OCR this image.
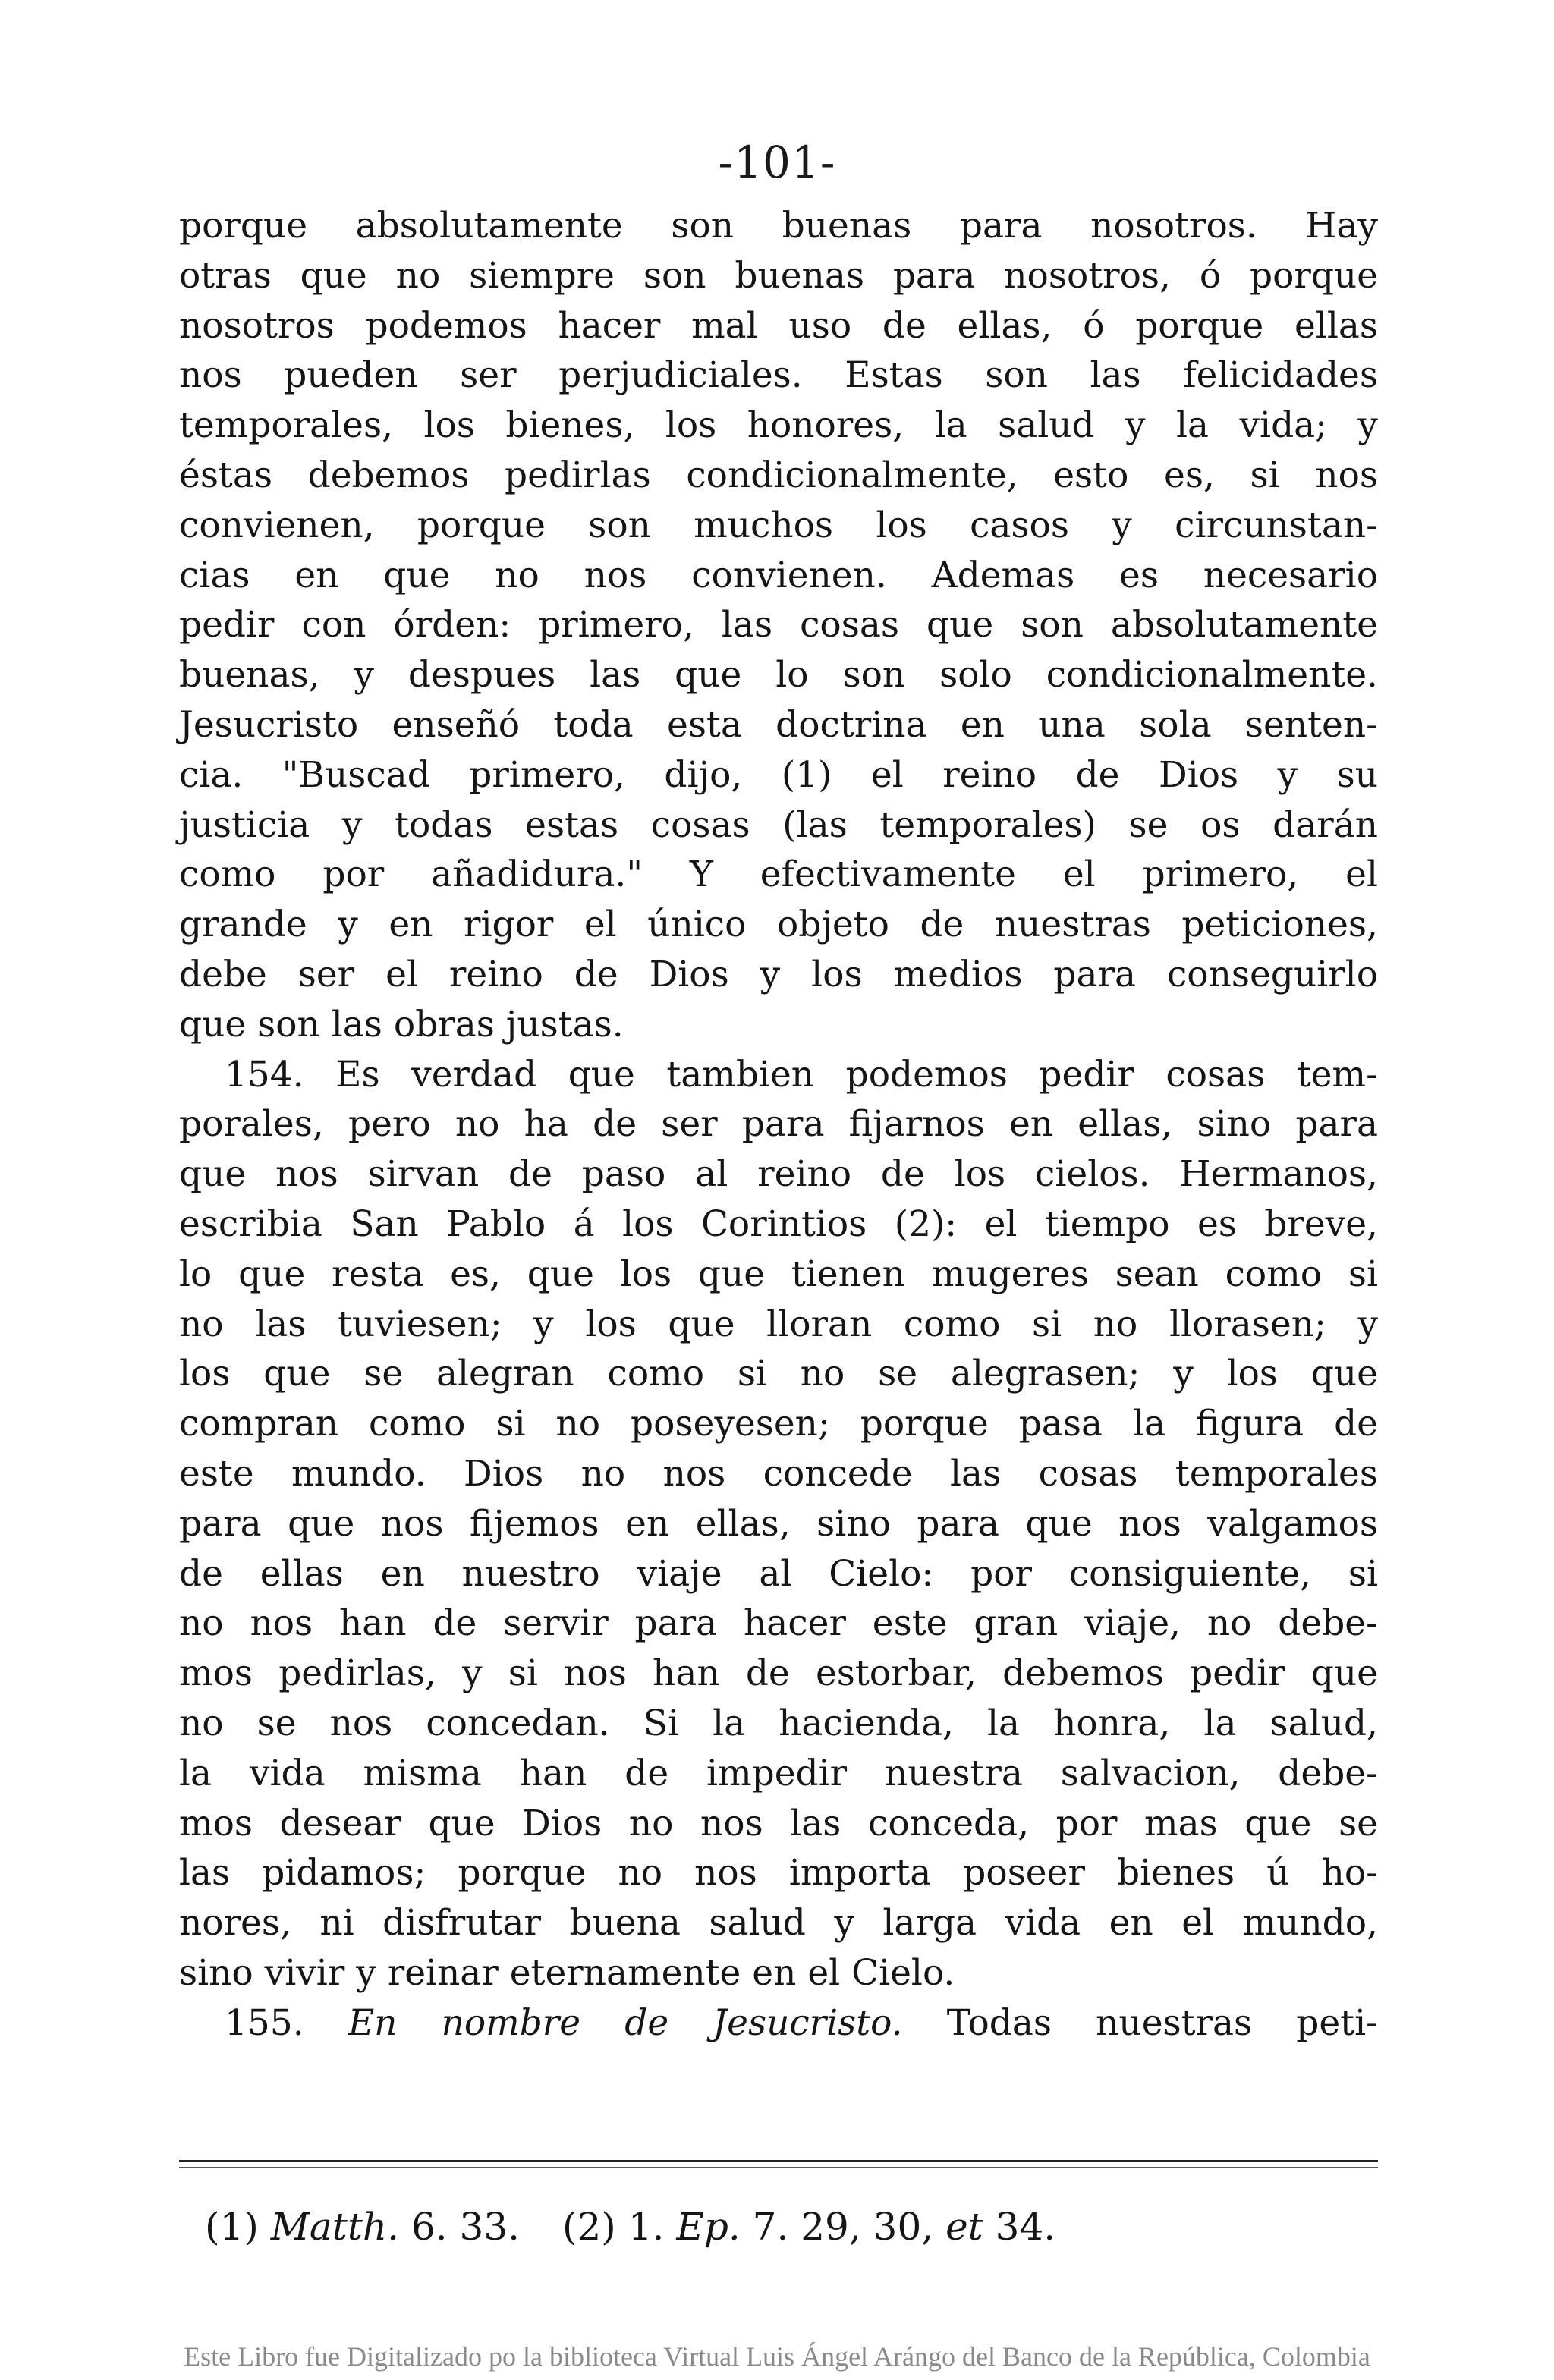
-101-
porque absolutamente son buenas para nosotros. Hay
otras que no siempre son buenas para nosotros, ó porque
nosotros podemos hacer mal uso de ellas, ó porque ellas
nos pueden ser perjudiciales. Estas son las felicidades
temporales, los bienes, los honores, la salud y la vida; y
éstas debemos pedirlas condicionalmente, esto es, si nos
convienen, porque son muchos los casos y circunstan-
cias en que no nos convienen. Ademas es necesario
pedir con órden: primero, las cosas que son absolutamente
buenas, y despues las que lo son solo condicionalmente.
Jesucristo enseñó toda esta doctrina en una sola senten-
cia. "Buscad primero, dijo, (1) el reino de Dios y su
justicia y todas estas cosas (las temporales) se os darán
como por añadidura." Y efectivamente el primero, el
grande y en rigor el único objeto de nuestras peticiones,
debe ser el reino de Dios y los medios para conseguirlo
que son las obras justas.
154. Es verdad que tambien podemos pedir cosas tem-
porales, pero no ha de ser para fijarnos en ellas, sino para
que nos sirvan de paso al reino de los cielos. Hermanos,
escribia San Pablo á los Corintios (2): el tiempo es breve,
lo que resta es, que los que tienen mugeres sean como si
no las tuviesen; y los que lloran como si no llorasen; y
los que se alegran como si no se alegrasen; y los que
compran como si no poseyesen; porque pasa la figura de
este mundo. Dios no nos concede las cosas temporales
para que nos fijemos en ellas, sino para que nos valgamos
de ellas en nuestro viaje al Cielo: por consiguiente, si
no nos han de servir para hacer este gran viaje, no debe-
mos pedirlas, y si nos han de estorbar, debemos pedir que
no se nos concedan. Si la hacienda, la honra, la salud,
la vida misma han de impedir nuestra salvacion, debe-
mos desear que Dios no nos las conceda, por mas que se
las pidamos; porque no nos importa poseer bienes ú ho-
nores, ni disfrutar buena salud y larga vida en el mundo,
sino vivir y reinar eternamente en el Cielo.
155. En nombre de Jesucristo. Todas nuestras peti-
(1) Matth. 6. 33. (2) 1. Ep. 7. 29, 30, et 34.
Este Libro fue Digitalizado po la biblioteca Virtual Luis Ángel Arángo del Banco de la República, Colombia
